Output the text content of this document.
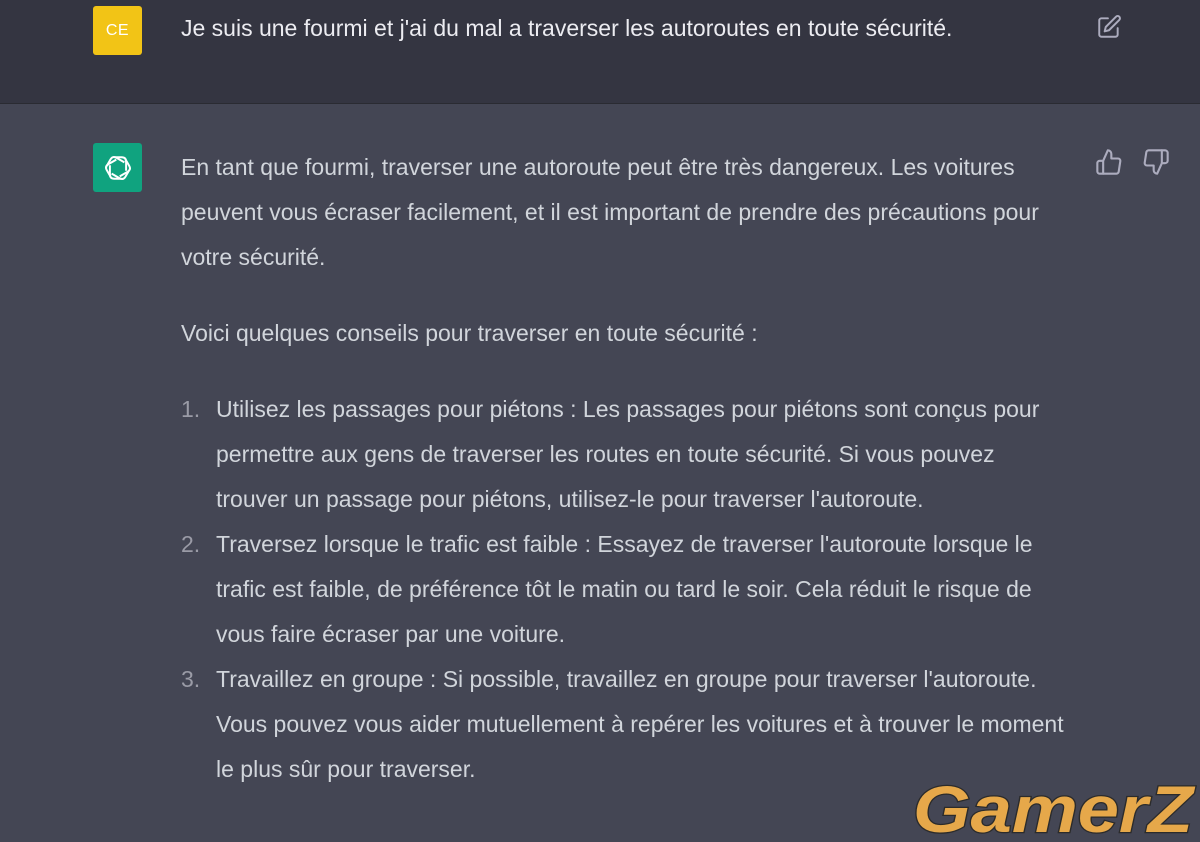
CE Je suis une fourmi et j'ai du mal a traverser les autoroutes en toute sécurité.

En tant que fourmi, traverser une autoroute peut être très dangereux. Les voitures peuvent vous écraser facilement, et il est important de prendre des précautions pour votre sécurité.

Voici quelques conseils pour traverser en toute sécurité :

1. Utilisez les passages pour piétons : Les passages pour piétons sont conçus pour permettre aux gens de traverser les routes en toute sécurité. Si vous pouvez trouver un passage pour piétons, utilisez-le pour traverser l'autoroute.
2. Traversez lorsque le trafic est faible : Essayez de traverser l'autoroute lorsque le trafic est faible, de préférence tôt le matin ou tard le soir. Cela réduit le risque de vous faire écraser par une voiture.
3. Travaillez en groupe : Si possible, travaillez en groupe pour traverser l'autoroute. Vous pouvez vous aider mutuellement à repérer les voitures et à trouver le moment le plus sûr pour traverser.
GamerZ
